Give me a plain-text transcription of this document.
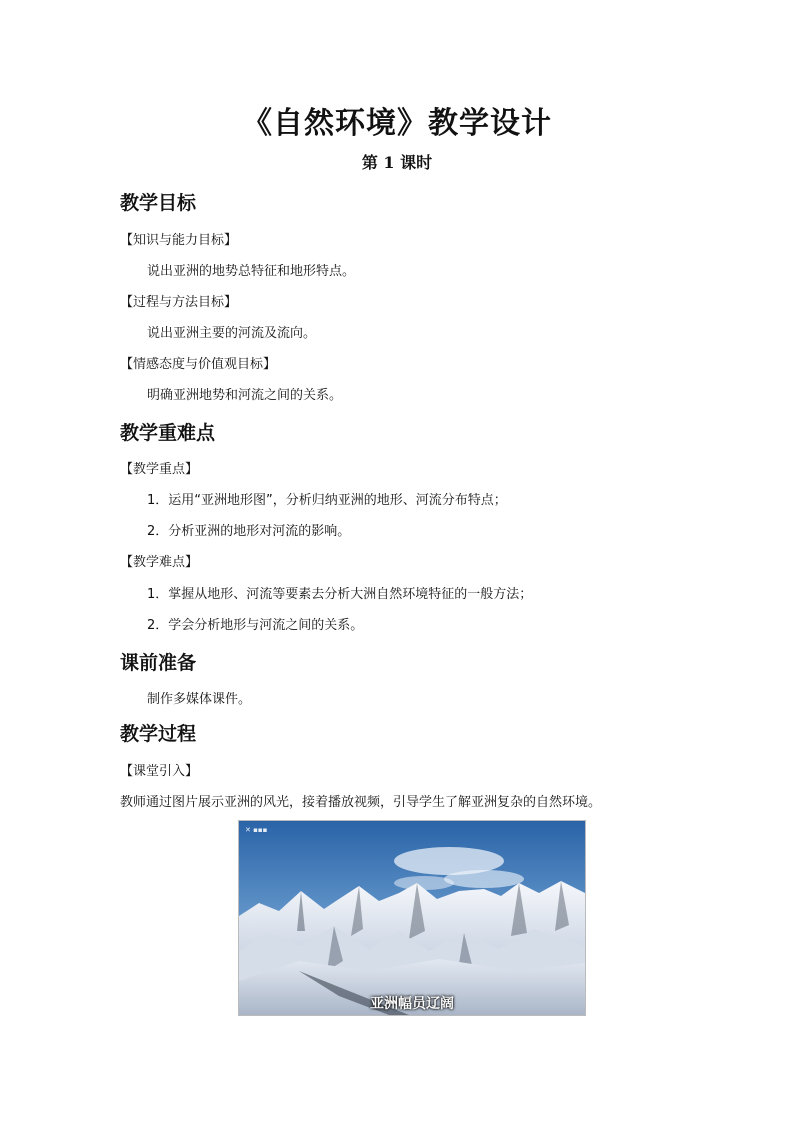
《自然环境》教学设计
第 1 课时
教学目标
【知识与能力目标】
说出亚洲的地势总特征和地形特点。
【过程与方法目标】
说出亚洲主要的河流及流向。
【情感态度与价值观目标】
明确亚洲地势和河流之间的关系。
教学重难点
【教学重点】
1．运用“亚洲地形图”，分析归纳亚洲的地形、河流分布特点；
2．分析亚洲的地形对河流的影响。
【教学难点】
1．掌握从地形、河流等要素去分析大洲自然环境特征的一般方法；
2．学会分析地形与河流之间的关系。
课前准备
制作多媒体课件。
教学过程
【课堂引入】
教师通过图片展示亚洲的风光，接着播放视频，引导学生了解亚洲复杂的自然环境。
✕ ▪▪▪
亚洲幅员辽阔
